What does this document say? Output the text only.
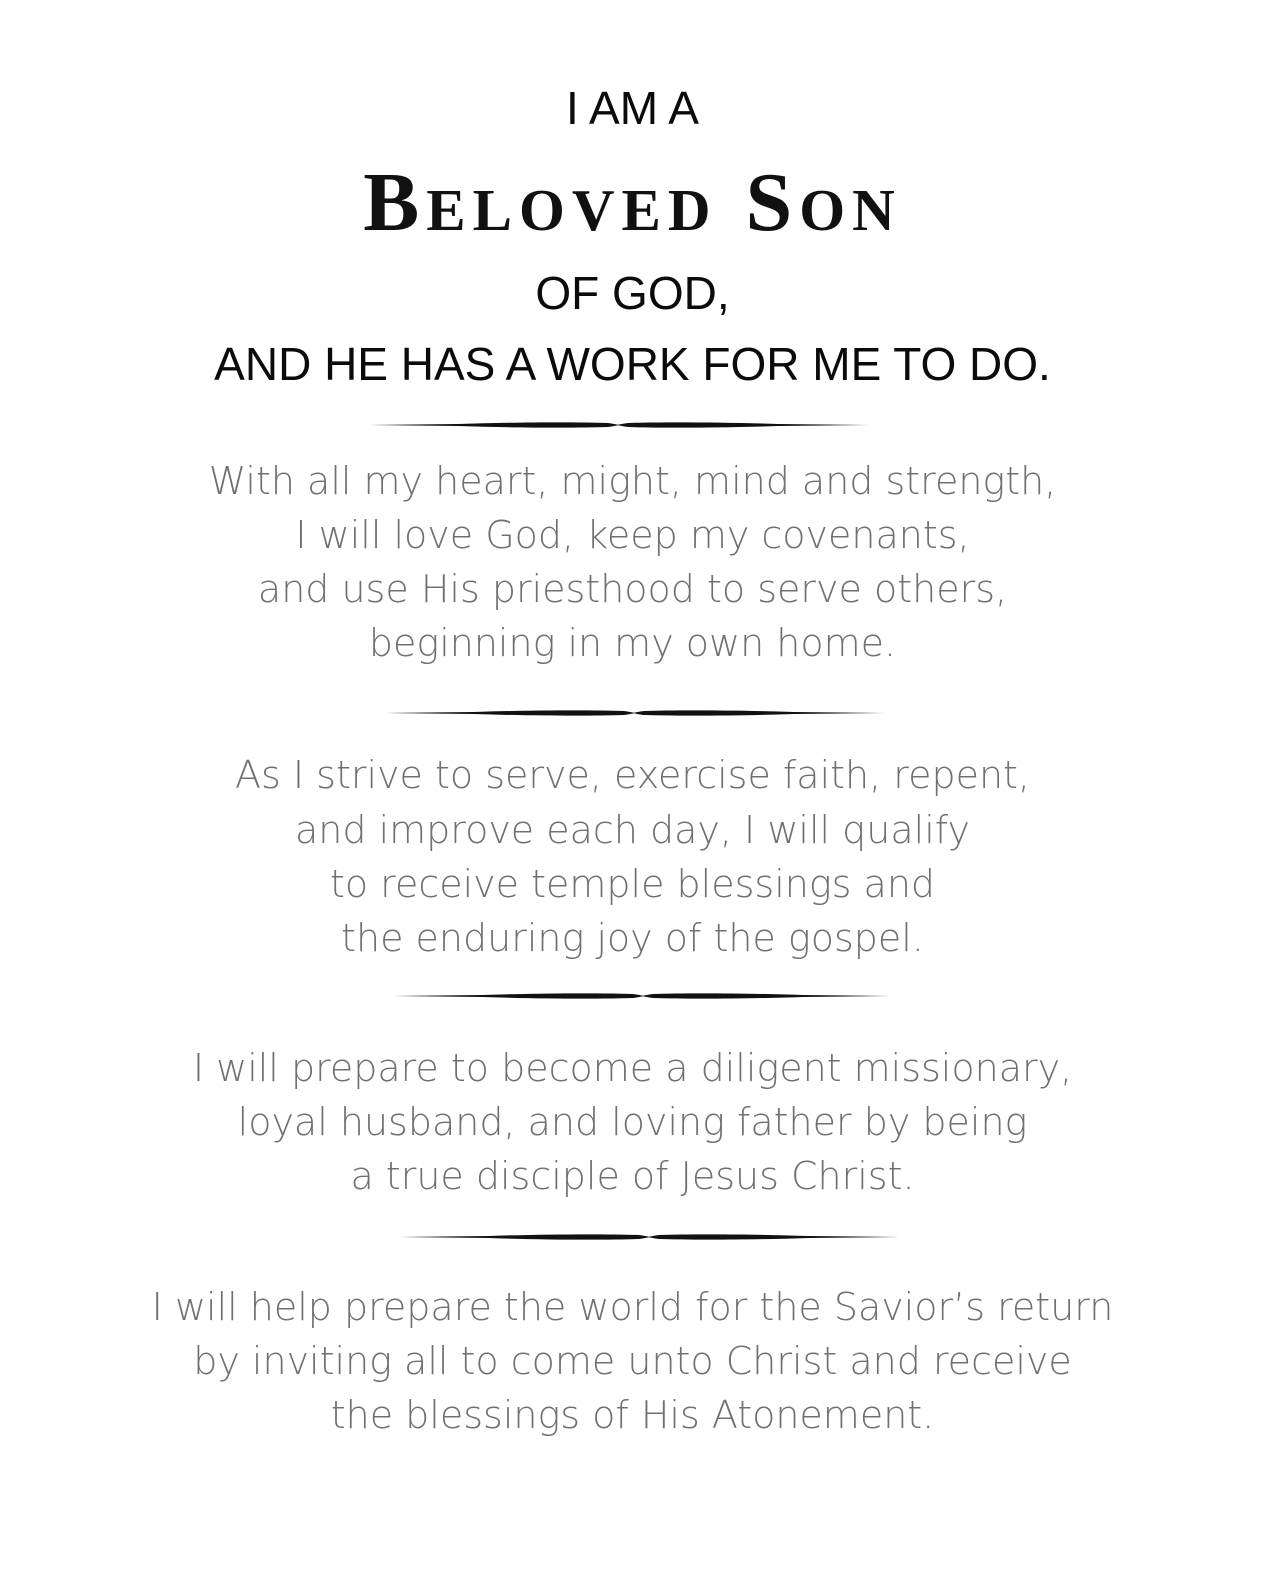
I AM A
Beloved Son
OF GOD,
AND HE HAS A WORK FOR ME TO DO.
With all my heart, might, mind and strength,
I will love God, keep my covenants,
and use His priesthood to serve others,
beginning in my own home.
As I strive to serve, exercise faith, repent,
and improve each day, I will qualify
to receive temple blessings and
the enduring joy of the gospel.
I will prepare to become a diligent missionary,
loyal husband, and loving father by being
a true disciple of Jesus Christ.
I will help prepare the world for the Savior’s return
by inviting all to come unto Christ and receive
the blessings of His Atonement.
